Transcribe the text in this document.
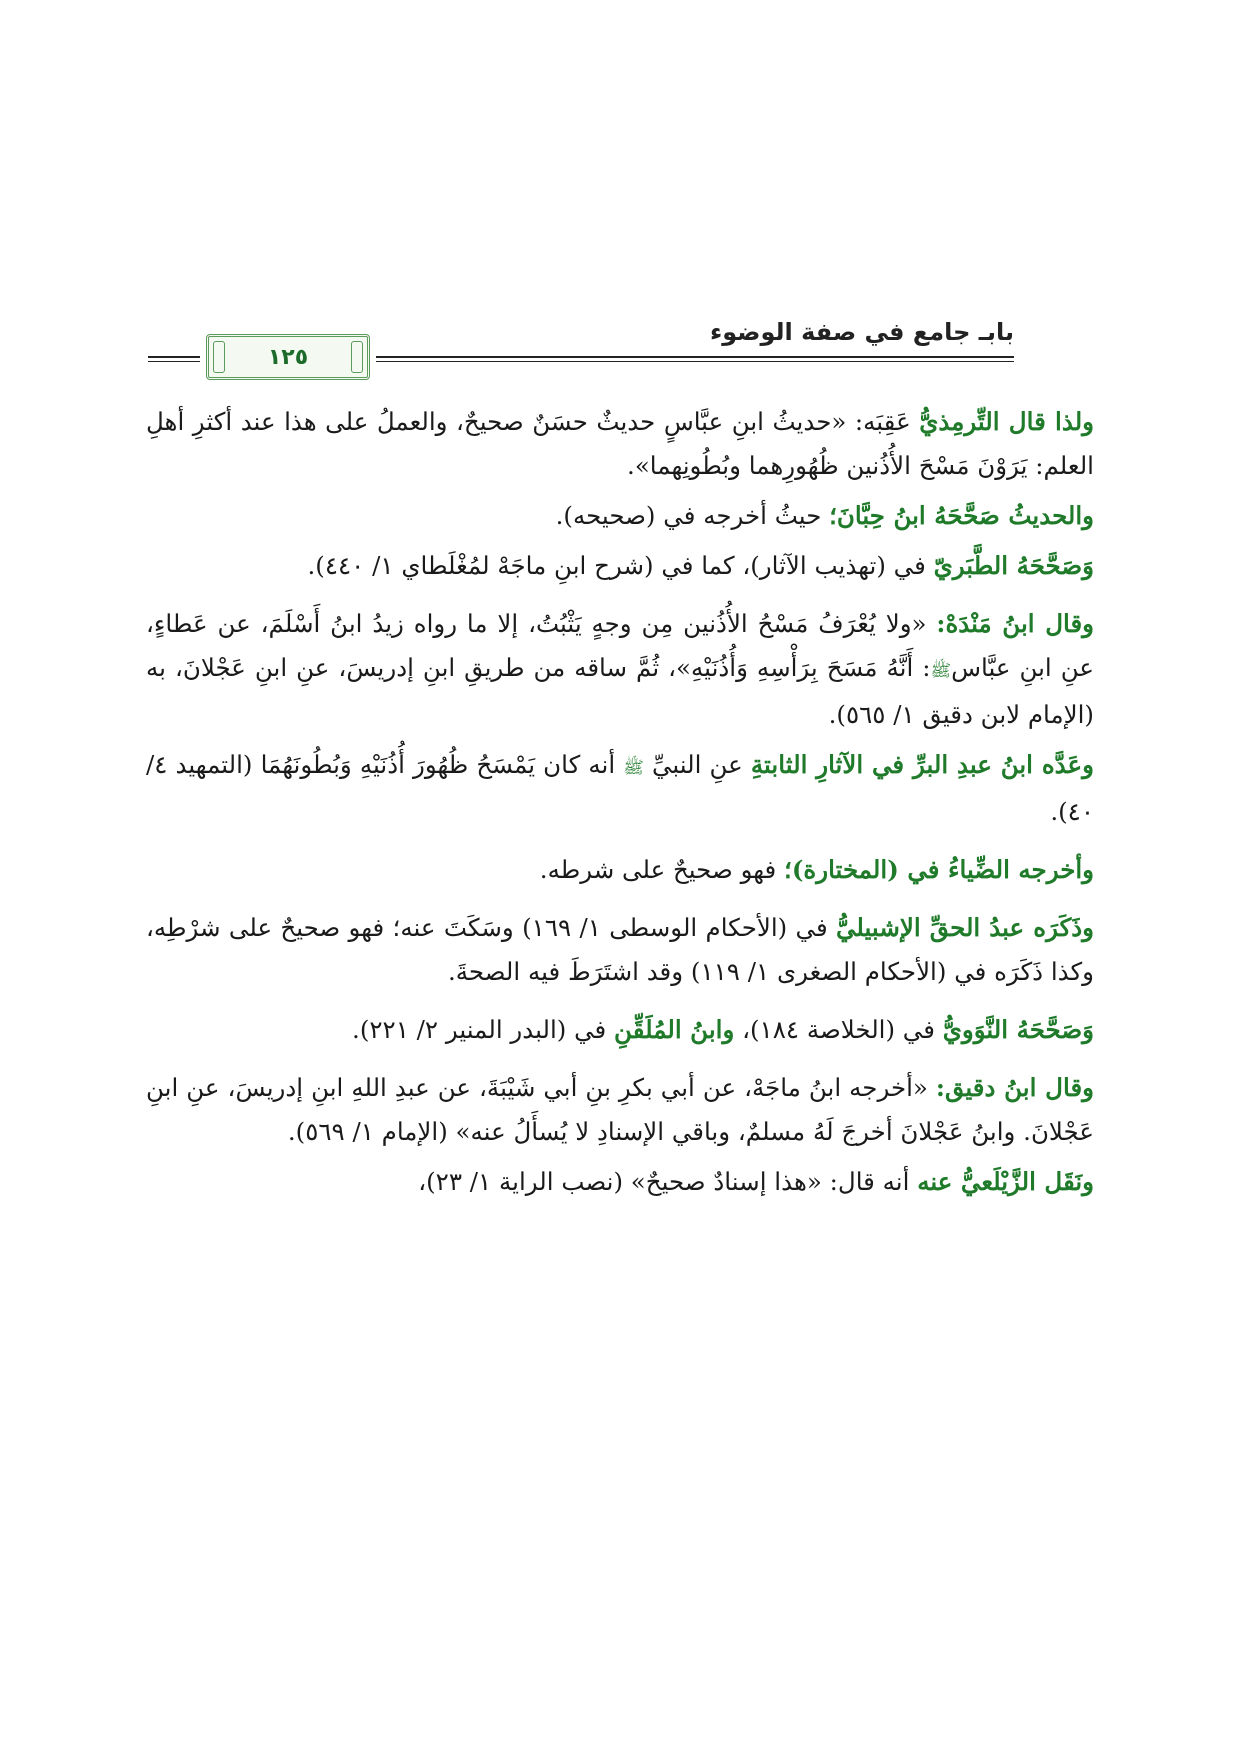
بابـ جامع في صفة الوضوء
١٢٥

ولذا قال التِّرمِذيُّ عَقِبَه: «حديثُ ابنِ عبَّاسٍ حديثٌ حسَنٌ صحيحٌ، والعملُ على هذا عند أكثرِ أهلِ العلم: يَرَوْنَ مَسْحَ الأُذُنين ظُهُورِهما وبُطُونِهما».

والحديثُ صَحَّحَهُ ابنُ حِبَّانَ؛ حيثُ أخرجه في (صحيحه).

وَصَحَّحَهُ الطَّبَريّ في (تهذيب الآثار)، كما في (شرح ابنِ ماجَهْ لمُغْلَطاي ١/ ٤٤٠).

وقال ابنُ مَنْدَهْ: «ولا يُعْرَفُ مَسْحُ الأُذُنين مِن وجهٍ يَثْبُتُ، إلا ما رواه زيدُ ابنُ أَسْلَمَ، عن عَطاءٍ، عنِ ابنِ عبَّاسﷺ: أَنَّهُ مَسَحَ بِرَأْسِهِ وَأُذُنَيْهِ»، ثُمَّ ساقه من طريقِ ابنِ إدريسَ، عنِ ابنِ عَجْلانَ، به (الإمام لابن دقيق ١/ ٥٦٥).

وعَدَّه ابنُ عبدِ البرِّ في الآثارِ الثابتةِ عنِ النبيِّ ﷺ أنه كان يَمْسَحُ ظُهُورَ أُذُنَيْهِ وَبُطُونَهُمَا (التمهيد ٤/ ٤٠).

وأخرجه الضِّياءُ في (المختارة)؛ فهو صحيحٌ على شرطه.

وذَكَرَه عبدُ الحقِّ الإشبيليُّ في (الأحكام الوسطى ١/ ١٦٩) وسَكَتَ عنه؛ فهو صحيحٌ على شرْطِه، وكذا ذَكَرَه في (الأحكام الصغرى ١/ ١١٩) وقد اشتَرَطَ فيه الصحةَ.

وَصَحَّحَهُ النَّوَويُّ في (الخلاصة ١٨٤)، وابنُ المُلَقِّنِ في (البدر المنير ٢/ ٢٢١).

وقال ابنُ دقيق: «أخرجه ابنُ ماجَهْ، عن أبي بكرِ بنِ أبي شَيْبَةَ، عن عبدِ اللهِ ابنِ إدريسَ، عنِ ابنِ عَجْلانَ. وابنُ عَجْلانَ أخرجَ لَهُ مسلمٌ، وباقي الإسنادِ لا يُسأَلُ عنه» (الإمام ١/ ٥٦٩).

ونَقَل الزَّيْلَعيُّ عنه أنه قال: «هذا إسنادٌ صحيحٌ» (نصب الراية ١/ ٢٣)،
